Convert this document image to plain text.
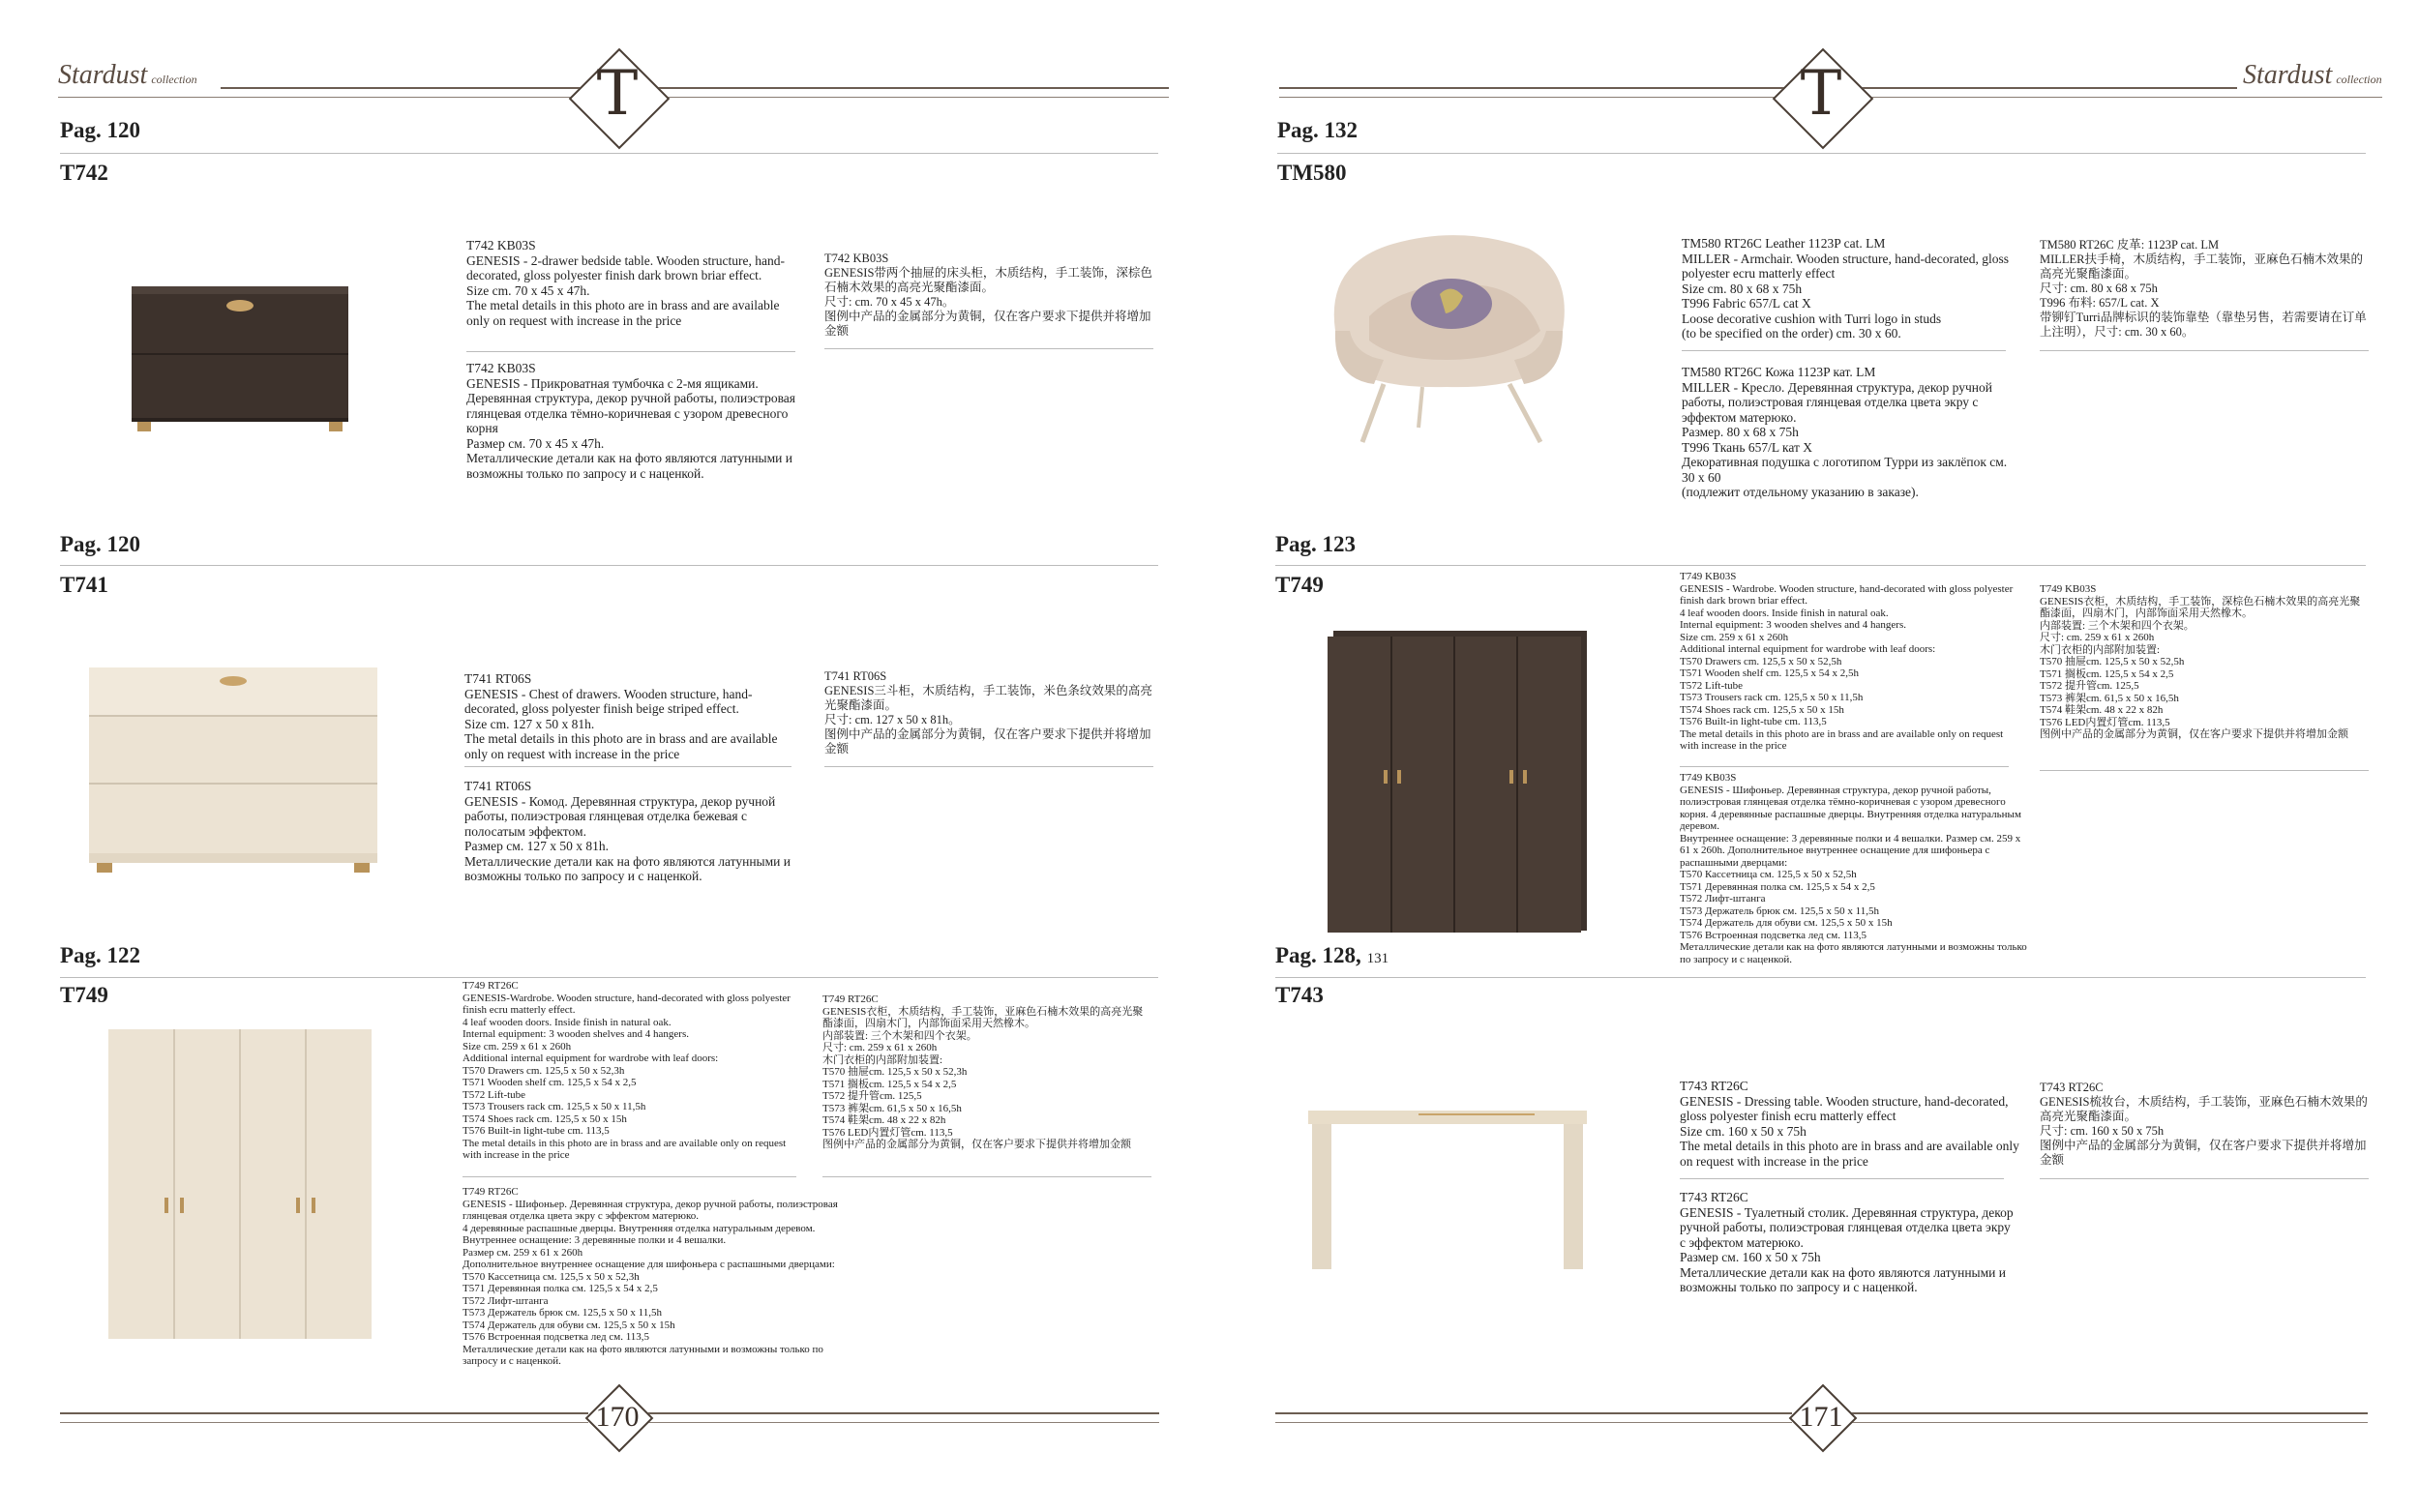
Stardust collection	T	T	Stardust collection
Pag. 120
T742
T742 KB03S
GENESIS - 2-drawer bedside table. Wooden structure, hand-decorated, gloss polyester finish dark brown briar effect.
Size cm. 70 x 45 x 47h.
The metal details in this photo are in brass and are available only on request with increase in the price
T742 KB03S
GENESIS - Прикроватная тумбочка с 2-мя ящиками. Деревянная структура, декор ручной работы, полиэстровая глянцевая отделка тёмно-коричневая с узором древесного корня
Размер см. 70 x 45 x 47h.
Металлические детали как на фото являются латунными и возможны только по запросу и с наценкой.
T742 KB03S
GENESIS带两个抽屉的床头柜，木质结构，手工装饰，深棕色石楠木效果的高亮光聚酯漆面。
尺寸: cm. 70 x 45 x 47h。
图例中产品的金属部分为黄铜，仅在客户要求下提供并将增加金额
Pag. 120
T741
T741 RT06S
GENESIS - Chest of drawers. Wooden structure, hand-decorated, gloss polyester finish beige striped effect.
Size cm. 127 x 50 x 81h.
The metal details in this photo are in brass and are available only on request with increase in the price
T741 RT06S
GENESIS - Комод. Деревянная структура, декор ручной работы, полиэстровая глянцевая отделка бежевая с полосатым эффектом.
Размер см. 127 x 50 x 81h.
Металлические детали как на фото являются латунными и возможны только по запросу и с наценкой.
T741 RT06S
GENESIS三斗柜，木质结构，手工装饰，米色条纹效果的高亮光聚酯漆面。
尺寸: cm. 127 x 50 x 81h。
图例中产品的金属部分为黄铜，仅在客户要求下提供并将增加金额
Pag. 122
T749	T749 RT26C
GENESIS-Wardrobe. Wooden structure, hand-decorated with gloss polyester finish ecru matterly effect.
4 leaf wooden doors. Inside finish in natural oak.
Internal equipment: 3 wooden shelves and 4 hangers.
Size cm. 259 x 61 x 260h
Additional internal equipment for wardrobe with leaf doors:
T570 Drawers cm. 125,5 x 50 x 52,3h
T571 Wooden shelf cm. 125,5 x 54 x 2,5
T572 Lift-tube
T573 Trousers rack cm. 125,5 x 50 x 11,5h
T574 Shoes rack cm. 125,5 x 50 x 15h
T576 Built-in light-tube cm. 113,5
The metal details in this photo are in brass and are available only on request with increase in the price
T749 RT26C
GENESIS - Шифоньер. Деревянная структура, декор ручной работы, полиэстровая глянцевая отделка цвета экру с эффектом матерюко.
4 деревянные распашные дверцы. Внутренняя отделка натуральным деревом.
Внутреннее оснащение: 3 деревянные полки и 4 вешалки.
Размер см. 259 x 61 x 260h
Дополнительное внутреннее оснащение для шифоньера с распашными дверцами:
T570 Кассетница см. 125,5 x 50 x 52,3h
T571 Деревянная полка см. 125,5 x 54 x 2,5
T572 Лифт-штанга
T573 Держатель брюк см. 125,5 x 50 x 11,5h
T574 Держатель для обуви см. 125,5 x 50 x 15h
T576 Встроенная подсветка лед см. 113,5
Металлические детали как на фото являются латунными и возможны только по запросу и с наценкой.
T749 RT26C
GENESIS衣柜，木质结构，手工装饰，亚麻色石楠木效果的高亮光聚酯漆面，四扇木门，内部饰面采用天然橡木。
内部装置: 三个木架和四个衣架。
尺寸: cm. 259 x 61 x 260h
木门衣柜的内部附加装置:
T570 抽屉cm. 125,5 x 50 x 52,3h
T571 搁板cm. 125,5 x 54 x 2,5
T572 提升管cm. 125,5
T573 裤架cm. 61,5 x 50 x 16,5h
T574 鞋架cm. 48 x 22 x 82h
T576 LED内置灯管cm. 113,5
图例中产品的金属部分为黄铜，仅在客户要求下提供并将增加金额
170
Pag. 132
TM580
TM580 RT26C Leather 1123P cat. LM
MILLER - Armchair. Wooden structure, hand-decorated, gloss polyester ecru matterly effect
Size cm. 80 x 68 x 75h
T996 Fabric 657/L cat X
Loose decorative cushion with Turri logo in studs
(to be specified on the order) cm. 30 x 60.
TM580 RT26C Кожа 1123P кат. LM
MILLER - Кресло. Деревянная структура, декор ручной работы, полиэстровая глянцевая отделка цвета экру с эффектом матерюко.
Размер. 80 x 68 x 75h
T996 Ткань 657/L кат X
Декоративная подушка с логотипом Турри из заклёпок см. 30 x 60
(подлежит отдельному указанию в заказе).
TM580 RT26C 皮革: 1123P cat. LM
MILLER扶手椅，木质结构，手工装饰，亚麻色石楠木效果的高亮光聚酯漆面。
尺寸: cm. 80 x 68 x 75h
T996 布料: 657/L cat. X
带铆钉Turri品牌标识的装饰靠垫（靠垫另售，若需要请在订单上注明），尺寸: cm. 30 x 60。
Pag. 123
T749	T749 KB03S
GENESIS - Wardrobe. Wooden structure, hand-decorated with gloss polyester finish dark brown briar effect.
4 leaf wooden doors. Inside finish in natural oak.
Internal equipment: 3 wooden shelves and 4 hangers.
Size cm. 259 x 61 x 260h
Additional internal equipment for wardrobe with leaf doors:
T570 Drawers cm. 125,5 x 50 x 52,5h
T571 Wooden shelf cm. 125,5 x 54 x 2,5h
T572 Lift-tube
T573 Trousers rack cm. 125,5 x 50 x 11,5h
T574 Shoes rack cm. 125,5 x 50 x 15h
T576 Built-in light-tube cm. 113,5
The metal details in this photo are in brass and are available only on request with increase in the price
T749 KB03S
GENESIS - Шифоньер. Деревянная структура, декор ручной работы, полиэстровая глянцевая отделка тёмно-коричневая с узором древесного корня. 4 деревянные распашные дверцы. Внутренняя отделка натуральным деревом.
Внутреннее оснащение: 3 деревянные полки и 4 вешалки. Размер см. 259 x 61 x 260h. Дополнительное внутреннее оснащение для шифоньера с распашными дверцами:
T570 Кассетница см. 125,5 x 50 x 52,5h
T571 Деревянная полка см. 125,5 x 54 x 2,5
T572 Лифт-штанга
T573 Держатель брюк см. 125,5 x 50 x 11,5h
T574 Держатель для обуви см. 125,5 x 50 x 15h
T576 Встроенная подсветка лед см. 113,5
Металлические детали как на фото являются латунными и возможны только по запросу и с наценкой.
T749 KB03S
GENESIS衣柜，木质结构，手工装饰，深棕色石楠木效果的高亮光聚酯漆面，四扇木门，内部饰面采用天然橡木。
内部装置: 三个木架和四个衣架。
尺寸: cm. 259 x 61 x 260h
木门衣柜的内部附加装置:
T570 抽屉cm. 125,5 x 50 x 52,5h
T571 搁板cm. 125,5 x 54 x 2,5
T572 提升管cm. 125,5
T573 裤架cm. 61,5 x 50 x 16,5h
T574 鞋架cm. 48 x 22 x 82h
T576 LED内置灯管cm. 113,5
图例中产品的金属部分为黄铜，仅在客户要求下提供并将增加金额
Pag. 128, 131
T743
T743 RT26C
GENESIS - Dressing table. Wooden structure, hand-decorated, gloss polyester finish ecru matterly effect
Size cm. 160 x 50 x 75h
The metal details in this photo are in brass and are available only on request with increase in the price
T743 RT26C
GENESIS - Туалетный столик. Деревянная структура, декор ручной работы, полиэстровая глянцевая отделка цвета экру с эффектом матерюко.
Размер см. 160 x 50 x 75h
Металлические детали как на фото являются латунными и возможны только по запросу и с наценкой.
T743 RT26C
GENESIS梳妆台，木质结构，手工装饰，亚麻色石楠木效果的高亮光聚酯漆面。
尺寸: cm. 160 x 50 x 75h
图例中产品的金属部分为黄铜，仅在客户要求下提供并将增加金额
171
